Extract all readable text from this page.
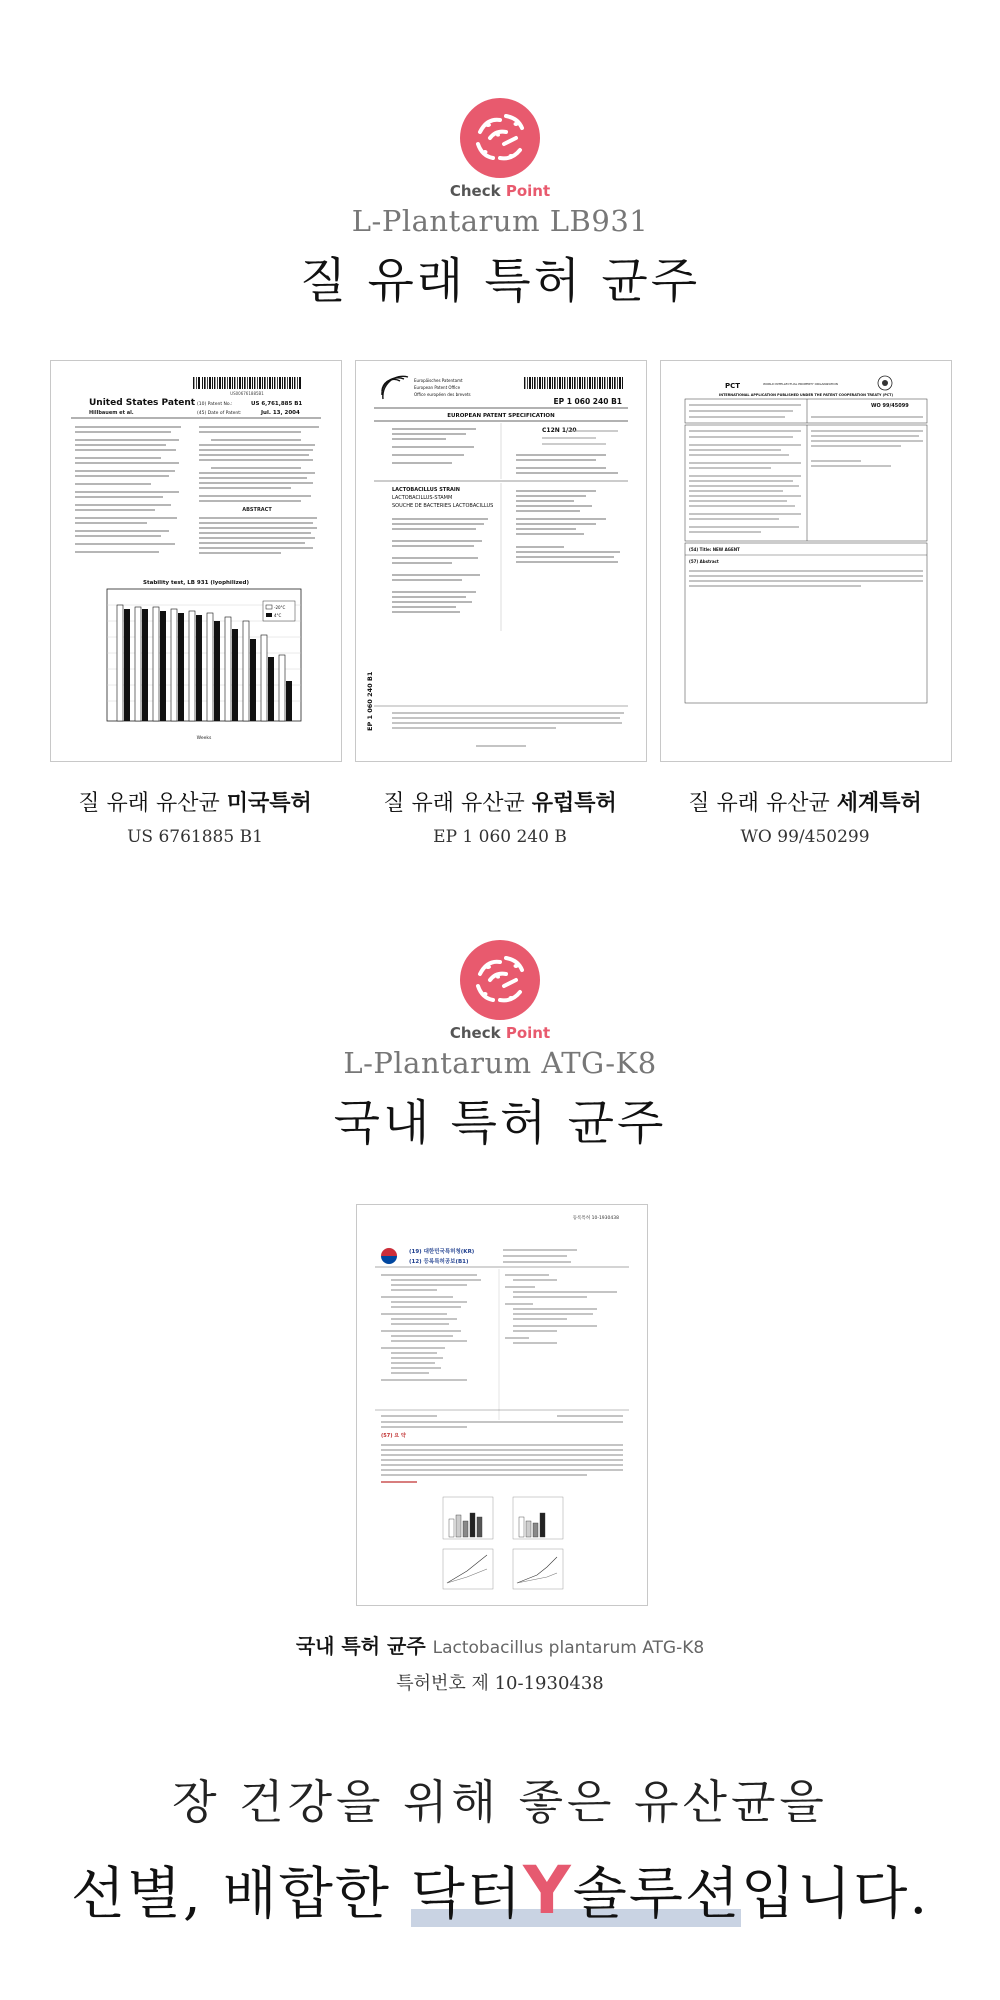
Check Point
L-Plantarum LB931
질 유래 특허 균주
US006761885B1
United States Patent
Hillbauem et al.
(10) Patent No.:	US 6,761,885 B1
(45) Date of Patent:	Jul. 13, 2004
ABSTRACT
Stability test, LB 931 (lyophilized)
-20°C
4°C
Weeks
Europäisches Patentamt
European Patent Office
Office européen des brevets
EP 1 060 240 B1
EUROPEAN PATENT SPECIFICATION
C12N 1/20
LACTOBACILLUS STRAIN
LACTOBACILLUS-STAMM
SOUCHE DE BACTERIES LACTOBACILLUS
EP 1 060 240 B1
PCT	WORLD INTELLECTUAL PROPERTY ORGANIZATION
INTERNATIONAL APPLICATION PUBLISHED UNDER THE PATENT COOPERATION TREATY (PCT)
WO 99/45099
(54) Title: NEW AGENT
(57) Abstract
질 유래 유산균 미국특허
US 6761885 B1
질 유래 유산균 유럽특허
EP 1 060 240 B
질 유래 유산균 세계특허
WO 99/450299
Check Point
L-Plantarum ATG-K8
국내 특허 균주
등록특허 10-1930438
(19) 대한민국특허청(KR)
(12) 등록특허공보(B1)
(57) 요 약
국내 특허 균주 Lactobacillus plantarum ATG-K8
특허번호 제 10-1930438
장 건강을 위해 좋은 유산균을
선별, 배합한 닥터Y솔루션입니다.
